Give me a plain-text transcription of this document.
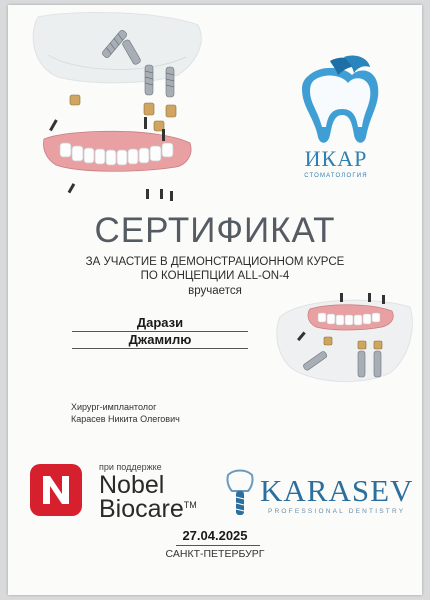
ИКАР
СТОМАТОЛОГИЯ
СЕРТИФИКАТ
ЗА УЧАСТИЕ В ДЕМОНСТРАЦИОННОМ КУРСЕ
ПО КОНЦЕПЦИИ ALL-ON-4
вручается
Дарази
Джамилю
Хирург-имплантолог
Карасев Никита Олегович
при поддержке
Nobel
Biocare™ KARASEV
PROFESSIONAL DENTISTRY
27.04.2025
САНКТ-ПЕТЕРБУРГ
